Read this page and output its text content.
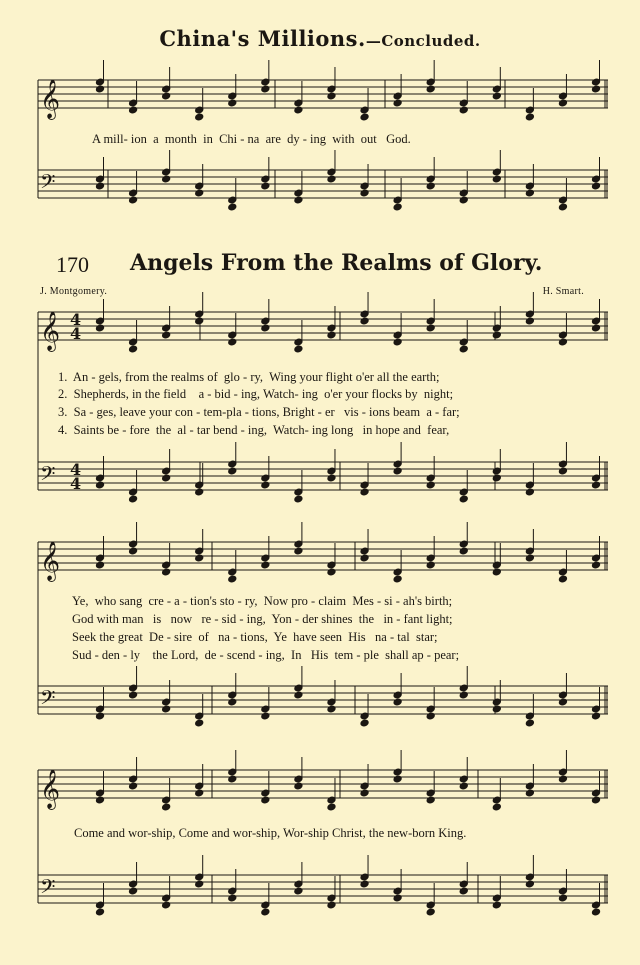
China's Millions.—Concluded.
170 Angels From the Realms of Glory.
J. Montgomery.	H. Smart.
A mill- ion  a  month  in  Chi - na  are  dy - ing  with  out   God.
1.  An - gels, from the realms of  glo - ry,  Wing your flight o'er all the earth;
2.  Shepherds, in the field    a - bid - ing, Watch- ing  o'er your flocks by  night;
3.  Sa - ges, leave your con - tem-pla - tions, Bright - er   vis - ions beam  a - far;
4.  Saints be - fore  the  al - tar bend - ing,  Watch- ing long   in hope and  fear,
Ye,  who sang  cre - a - tion's sto - ry,  Now pro - claim  Mes - si - ah's birth;
God with man   is   now   re - sid - ing,  Yon - der shines  the   in - fant light;
Seek the great  De - sire  of   na - tions,  Ye  have seen  His   na - tal  star;
Sud - den - ly    the Lord,  de - scend - ing,  In   His  tem - ple  shall ap - pear;
Come and wor-ship, Come and wor-ship, Wor-ship Christ, the new-born King.
𝄞
𝄢
𝄞
𝄢
𝄞
𝄢
𝄞
𝄢
4
4
4
4
